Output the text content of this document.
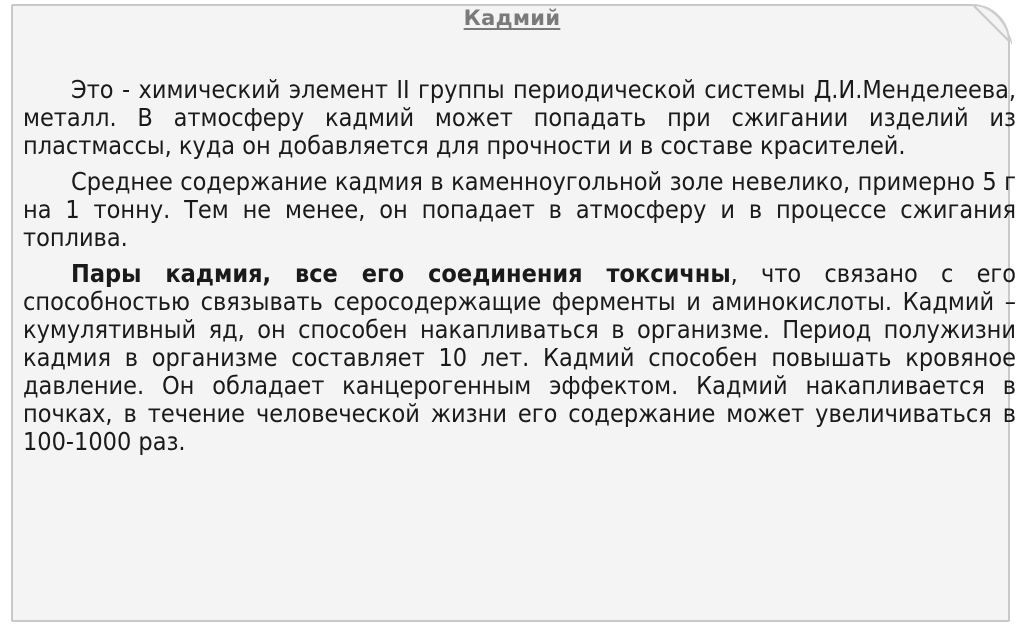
Кадмий

Это - химический элемент II группы периодической системы Д.И.Менделеева, металл. В атмосферу кадмий может попадать при сжигании изделий из пластмассы, куда он добавляется для прочности и в составе красителей.

Среднее содержание кадмия в каменноугольной золе невелико, примерно 5 г на 1 тонну. Тем не менее, он попадает в атмосферу и в процессе сжигания топлива.

Пары кадмия, все его соединения токсичны, что связано с его способностью связывать серосодержащие ферменты и аминокислоты. Кадмий – кумулятивный яд, он способен накапливаться в организме. Период полужизни кадмия в организме составляет 10 лет. Кадмий способен повышать кровяное давление. Он обладает канцерогенным эффектом. Кадмий накапливается в почках, в течение человеческой жизни его содержание может увеличиваться в 100-1000 раз.
